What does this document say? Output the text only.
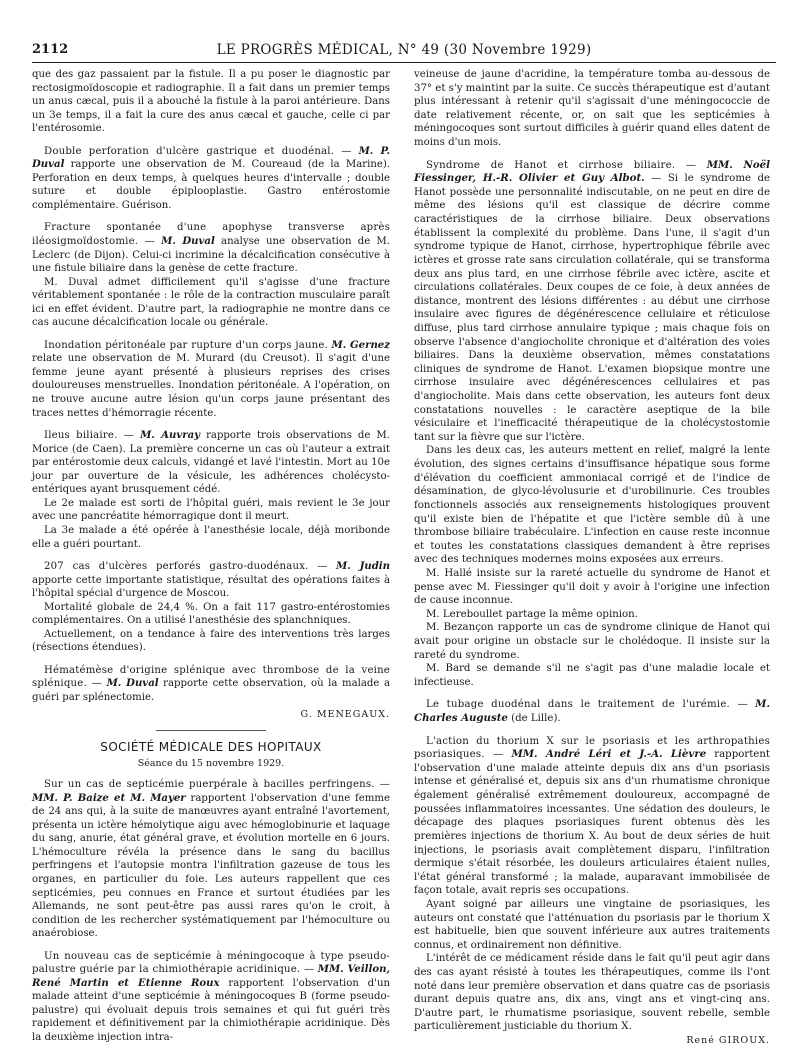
2112	LE PROGRÈS MÉDICAL, N° 49 (30 Novembre 1929)

que des gaz passaient par la fistule. Il a pu poser le diagnostic par rectosigmoïdoscopie et radiographie. Il a fait dans un premier temps un anus cæcal, puis il a abouché la fistule à la paroi antérieure. Dans un 3e temps, il a fait la cure des anus cæcal et gauche, celle ci par l'entérosomie.

Double perforation d'ulcère gastrique et duodénal. — M. P. Duval rapporte une observation de M. Coureaud (de la Marine). Perforation en deux temps, à quelques heures d'intervalle ; double suture et double épiplooplastie. Gastro entérostomie complémentaire. Guérison.

Fracture spontanée d'une apophyse transverse après iléosigmoïdostomie. — M. Duval analyse une observation de M. Leclerc (de Dijon). Celui-ci incrimine la décalcification consécutive à une fistule biliaire dans la genèse de cette fracture.

M. Duval admet difficilement qu'il s'agisse d'une fracture véritablement spontanée : le rôle de la contraction musculaire paraît ici en effet évident. D'autre part, la radiographie ne montre dans ce cas aucune décalcification locale ou générale.

Inondation péritonéale par rupture d'un corps jaune. M. Gernez relate une observation de M. Murard (du Creusot). Il s'agit d'une femme jeune ayant présenté à plusieurs reprises des crises douloureuses menstruelles. Inondation péritonéale. A l'opération, on ne trouve aucune autre lésion qu'un corps jaune présentant des traces nettes d'hémorragie récente.

Ileus biliaire. — M. Auvray rapporte trois observations de M. Morice (de Caen). La première concerne un cas où l'auteur a extrait par entérostomie deux calculs, vidangé et lavé l'intestin. Mort au 10e jour par ouverture de la vésicule, les adhérences cholécysto-entériques ayant brusquement cédé.

Le 2e malade est sorti de l'hôpital guéri, mais revient le 3e jour avec une pancréatite hémorragique dont il meurt.

La 3e malade a été opérée à l'anesthésie locale, déjà moribonde elle a guéri pourtant.

207 cas d'ulcères perforés gastro-duodénaux. — M. Judin apporte cette importante statistique, résultat des opérations faites à l'hôpital spécial d'urgence de Moscou.

Mortalité globale de 24,4 %. On a fait 117 gastro-entérostomies complémentaires. On a utilisé l'anesthésie des splanchniques.

Actuellement, on a tendance à faire des interventions très larges (résections étendues).

Hématémèse d'origine splénique avec thrombose de la veine splénique. — M. Duval rapporte cette observation, où la malade a guéri par splénectomie.

G. MENEGAUX.
SOCIÉTÉ MÉDICALE DES HOPITAUX
Séance du 15 novembre 1929.

Sur un cas de septicémie puerpérale à bacilles perfringens. — MM. P. Baize et M. Mayer rapportent l'observation d'une femme de 24 ans qui, à la suite de manœuvres ayant entraîné l'avortement, présenta un ictère hémolytique aigu avec hémoglobinurie et laquage du sang, anurie, état général grave, et évolution mortelle en 6 jours. L'hémoculture révéla la présence dans le sang du bacillus perfringens et l'autopsie montra l'infiltration gazeuse de tous les organes, en particulier du foie. Les auteurs rappellent que ces septicémies, peu connues en France et surtout étudiées par les Allemands, ne sont peut-être pas aussi rares qu'on le croit, à condition de les rechercher systématiquement par l'hémoculture ou anaérobiose.

Un nouveau cas de septicémie à méningocoque à type pseudo-palustre guérie par la chimiothérapie acridinique. — MM. Veillon, René Martin et Etienne Roux rapportent l'observation d'un malade atteint d'une septicémie à méningocoques B (forme pseudo-palustre) qui évoluait depuis trois semaines et qui fut guéri très rapidement et définitivement par la chimiothérapie acridinique. Dès la deuxième injection intra-

veineuse de jaune d'acridine, la température tomba au-dessous de 37° et s'y maintint par la suite. Ce succès thérapeutique est d'autant plus intéressant à retenir qu'il s'agissait d'une méningococcie de date relativement récente, or, on sait que les septicémies à méningocoques sont surtout difficiles à guérir quand elles datent de moins d'un mois.

Syndrome de Hanot et cirrhose biliaire. — MM. Noël Fiessinger, H.-R. Olivier et Guy Albot. — Si le syndrome de Hanot possède une personnalité indiscutable, on ne peut en dire de même des lésions qu'il est classique de décrire comme caractéristiques de la cirrhose biliaire. Deux observations établissent la complexité du problème. Dans l'une, il s'agit d'un syndrome typique de Hanot, cirrhose, hypertrophique fébrile avec ictères et grosse rate sans circulation collatérale, qui se transforma deux ans plus tard, en une cirrhose fébrile avec ictère, ascite et circulations collatérales. Deux coupes de ce foie, à deux années de distance, montrent des lésions différentes : au début une cirrhose insulaire avec figures de dégénérescence cellulaire et réticulose diffuse, plus tard cirrhose annulaire typique ; mais chaque fois on observe l'absence d'angiocholite chronique et d'altération des voies biliaires. Dans la deuxième observation, mêmes constatations cliniques de syndrome de Hanot. L'examen biopsique montre une cirrhose insulaire avec dégénérescences cellulaires et pas d'angiocholite. Mais dans cette observation, les auteurs font deux constatations nouvelles : le caractère aseptique de la bile vésiculaire et l'inefficacité thérapeutique de la cholécystostomie tant sur la fièvre que sur l'ictère.

Dans les deux cas, les auteurs mettent en relief, malgré la lente évolution, des signes certains d'insuffisance hépatique sous forme d'élévation du coefficient ammoniacal corrigé et de l'indice de désamination, de glyco-lévolusurie et d'urobilinurie. Ces troubles fonctionnels associés aux renseignements histologiques prouvent qu'il existe bien de l'hépatite et que l'ictère semble dû à une thrombose biliaire trabéculaire. L'infection en cause reste inconnue et toutes les constatations classiques demandent à être reprises avec des techniques modernes moins exposées aux erreurs.

M. Hallé insiste sur la rareté actuelle du syndrome de Hanot et pense avec M. Fiessinger qu'il doit y avoir à l'origine une infection de cause inconnue.

M. Lereboullet partage la même opinion.

M. Bezançon rapporte un cas de syndrome clinique de Hanot qui avait pour origine un obstacle sur le cholédoque. Il insiste sur la rareté du syndrome.

M. Bard se demande s'il ne s'agit pas d'une maladie locale et infectieuse.

Le tubage duodénal dans le traitement de l'urémie. — M. Charles Auguste (de Lille).

L'action du thorium X sur le psoriasis et les arthropathies psoriasiques. — MM. André Léri et J.-A. Lièvre rapportent l'observation d'une malade atteinte depuis dix ans d'un psoriasis intense et généralisé et, depuis six ans d'un rhumatisme chronique également généralisé extrêmement douloureux, accompagné de poussées inflammatoires incessantes. Une sédation des douleurs, le décapage des plaques psoriasiques furent obtenus dès les premières injections de thorium X. Au bout de deux séries de huit injections, le psoriasis avait complètement disparu, l'infiltration dermique s'était résorbée, les douleurs articulaires étaient nulles, l'état général transformé ; la malade, auparavant immobilisée de façon totale, avait repris ses occupations.

Ayant soigné par ailleurs une vingtaine de psoriasiques, les auteurs ont constaté que l'atténuation du psoriasis par le thorium X est habituelle, bien que souvent inférieure aux autres traitements connus, et ordinairement non définitive.

L'intérêt de ce médicament réside dans le fait qu'il peut agir dans des cas ayant résisté à toutes les thérapeutiques, comme ils l'ont noté dans leur première observation et dans quatre cas de psoriasis durant depuis quatre ans, dix ans, vingt ans et vingt-cinq ans. D'autre part, le rhumatisme psoriasique, souvent rebelle, semble particulièrement justiciable du thorium X.

René GIROUX.
